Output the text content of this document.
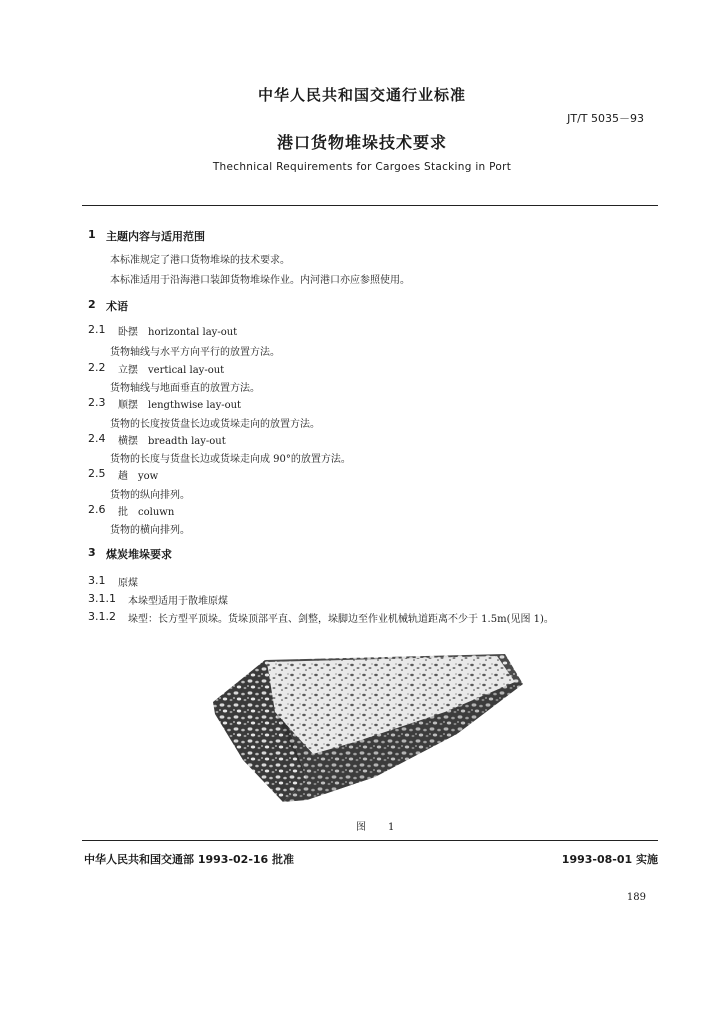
中华人民共和国交通行业标准
JT/T 5035－93
港口货物堆垛技术要求
Thechnical Requirements for Cargoes Stacking in Port
1 主题内容与适用范围
本标准规定了港口货物堆垛的技术要求。
本标准适用于沿海港口装卸货物堆垛作业。内河港口亦应参照使用。
2 术语
2.1 卧摆　horizontal lay-out
货物轴线与水平方向平行的放置方法。
2.2 立摆　vertical lay-out
货物轴线与地面垂直的放置方法。
2.3 顺摆　lengthwise lay-out
货物的长度按货盘长边或货垛走向的放置方法。
2.4 横摆　breadth lay-out
货物的长度与货盘长边或货垛走向成 90°的放置方法。
2.5 趟　yow
货物的纵向排列。
2.6 批　coluwn
货物的横向排列。
3 煤炭堆垛要求
3.1 原煤
3.1.1 本垛型适用于散堆原煤
3.1.2 垛型：长方型平顶垛。货垛顶部平直、剑整，垛脚边至作业机械轨道距离不少于 1.5m(见图 1)。
图　1
中华人民共和国交通部 1993-02-16 批准	1993-08-01 实施
189
